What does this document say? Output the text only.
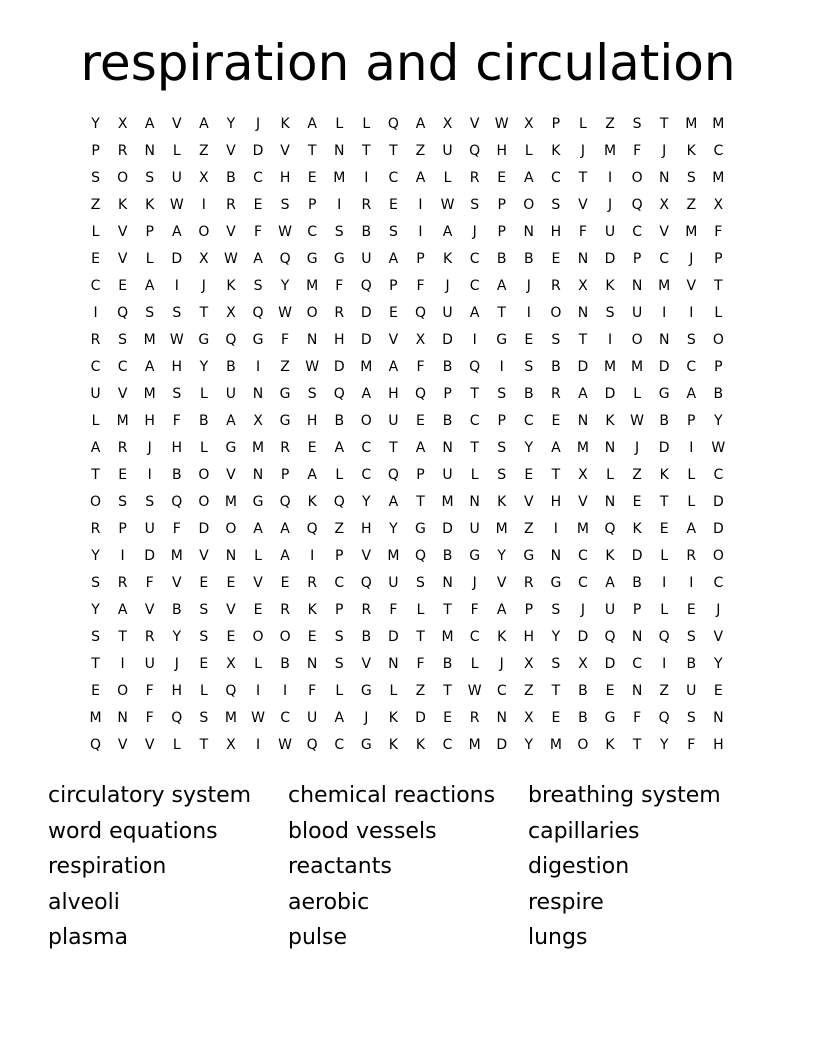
respiration and circulation
Y	X	A	V	A	Y	J	K	A	L	L	Q	A	X	V	W	X	P	L	Z	S	T	M	M
P	R	N	L	Z	V	D	V	T	N	T	T	Z	U	Q	H	L	K	J	M	F	J	K	C
S	O	S	U	X	B	C	H	E	M	I	C	A	L	R	E	A	C	T	I	O	N	S	M
Z	K	K	W	I	R	E	S	P	I	R	E	I	W	S	P	O	S	V	J	Q	X	Z	X
L	V	P	A	O	V	F	W	C	S	B	S	I	A	J	P	N	H	F	U	C	V	M	F
E	V	L	D	X	W	A	Q	G	G	U	A	P	K	C	B	B	E	N	D	P	C	J	P
C	E	A	I	J	K	S	Y	M	F	Q	P	F	J	C	A	J	R	X	K	N	M	V	T
I	Q	S	S	T	X	Q	W	O	R	D	E	Q	U	A	T	I	O	N	S	U	I	I	L
R	S	M	W	G	Q	G	F	N	H	D	V	X	D	I	G	E	S	T	I	O	N	S	O
C	C	A	H	Y	B	I	Z	W	D	M	A	F	B	Q	I	S	B	D	M	M	D	C	P
U	V	M	S	L	U	N	G	S	Q	A	H	Q	P	T	S	B	R	A	D	L	G	A	B
L	M	H	F	B	A	X	G	H	B	O	U	E	B	C	P	C	E	N	K	W	B	P	Y
A	R	J	H	L	G	M	R	E	A	C	T	A	N	T	S	Y	A	M	N	J	D	I	W
T	E	I	B	O	V	N	P	A	L	C	Q	P	U	L	S	E	T	X	L	Z	K	L	C
O	S	S	Q	O	M	G	Q	K	Q	Y	A	T	M	N	K	V	H	V	N	E	T	L	D
R	P	U	F	D	O	A	A	Q	Z	H	Y	G	D	U	M	Z	I	M	Q	K	E	A	D
Y	I	D	M	V	N	L	A	I	P	V	M	Q	B	G	Y	G	N	C	K	D	L	R	O
S	R	F	V	E	E	V	E	R	C	Q	U	S	N	J	V	R	G	C	A	B	I	I	C
Y	A	V	B	S	V	E	R	K	P	R	F	L	T	F	A	P	S	J	U	P	L	E	J
S	T	R	Y	S	E	O	O	E	S	B	D	T	M	C	K	H	Y	D	Q	N	Q	S	V
T	I	U	J	E	X	L	B	N	S	V	N	F	B	L	J	X	S	X	D	C	I	B	Y
E	O	F	H	L	Q	I	I	F	L	G	L	Z	T	W	C	Z	T	B	E	N	Z	U	E
M	N	F	Q	S	M	W	C	U	A	J	K	D	E	R	N	X	E	B	G	F	Q	S	N
Q	V	V	L	T	X	I	W	Q	C	G	K	K	C	M	D	Y	M	O	K	T	Y	F	H
circulatory system
word equations
respiration
alveoli
plasma
chemical reactions
blood vessels
reactants
aerobic
pulse
breathing system
capillaries
digestion
respire
lungs
